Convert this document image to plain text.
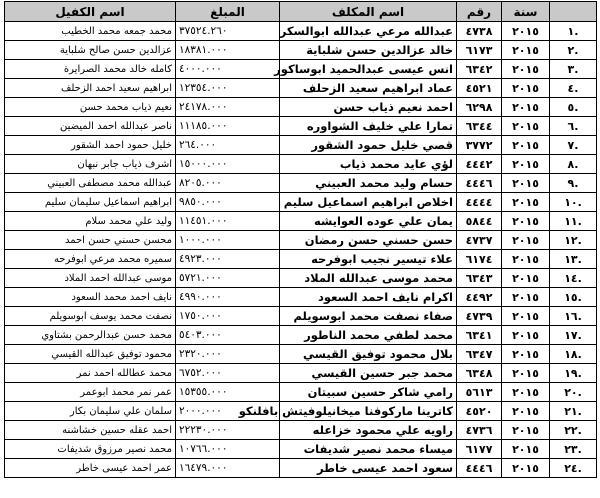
	سنة	رقم	اسم المكلف	المبلغ	اسم الكفيل
.١	٢٠١٥	٤٧٣٨	عبدالله مرعي عبدالله ابوالسكر	٣٧٥٢٤.٢٦٠	محمد جمعه محمد الخطيب
.٢	٢٠١٥	٦١٧٣	خالد عزالدين حسن شلباية	١٨٣٨١.٠٠٠	عزالدين حسن صالح شلباية
.٣	٢٠١٥	٦٣٤٢	انس عيسى عبدالحميد ابوساكور	٤٠٠٠.٠٠٠	كامله خالد محمد الصرايرة
.٤	٢٠١٥	٤٥٢١	عماد ابراهيم سعيد الزحلف	١٢٣٥٤.٠٠٠	ابراهيم سعيد احمد الزحلف
.٥	٢٠١٥	٦٢٩٨	احمد نعيم ذياب حسن	٢٤١٧٨.٠٠٠	نعيم ذياب محمد حسن
.٦	٢٠١٥	٦٣٤٤	تمارا علي خليف الشواوره	١١١٨٥.٠٠٠	ناصر عبدالله احمد الميضين
.٧	٢٠١٥	٣٧٧٢	قصي خليل حمود الشقور	٢٦٤.٠٠٠	خليل حمود احمد الشقور
.٨	٢٠١٥	٤٤٤٢	لؤي عايد محمد ذياب	١٥٠٠٠.٠٠٠	اشرف ذياب جابر نبهان
.٩	٢٠١٥	٤٤٤٦	حسام وليد محمد العبيني	٨٢٠٥.٠٠٠	عبدالله محمد مصطفى العبيني
.١٠	٢٠١٥	٤٤٤٤	اخلاص ابراهيم اسماعيل سليم	٩٨٥٠.٠٠٠	ابراهيم اسماعيل سليمان سليم
.١١	٢٠١٥	٥٨٤٤	يمان علي عوده العوايشه	١١٤٥١.٠٠٠	وليد علي محمد سلام
.١٢	٢٠١٥	٤٧٣٧	حسن حسني حسن رمضان	١٠٠٠.٠٠٠	محسن حسني حسن احمد
.١٣	٢٠١٥	٦١٧٤	علاء تيسير نجيب ابوفرحه	٤٩٢٣.٠٠٠	سميره محمد مرعي ابوفرحه
.١٤	٢٠١٥	٦٣٤٣	محمد موسى عبدالله الملاد	٥٧٢١.٠٠٠	موسى عبدالله احمد الملاد
.١٥	٢٠١٥	٤٤٩٢	اكرام نايف احمد السعود	٤٩٩٠.٠٠٠	نايف احمد محمد السعود
.١٦	٢٠١٥	٤٧٣٩	صفاء نصفت محمد ابوسويلم	١٧٥٠.٠٠٠	نصفت محمد يوسف ابوسويلم
.١٧	٢٠١٥	٦٣٤١	محمد لطفي محمد الناطور	٥٤٠٣.٠٠٠	محمد حسن عبدالرحمن بشتاوي
.١٨	٢٠١٥	٦٣٤٧	بلال محمود توفيق القيسي	٢٣٢٠.٠٠٠	محمود توفيق عبدالله القيسي
.١٩	٢٠١٥	٦٣٤٨	محمد جبر حسين القيسي	٦٧٥٢.٠٠٠	محمد عطالله احمد نمر
.٢٠	٢٠١٥	٥٦١٣	رامي شاكر حسين سبيتان	١٥٣٥٥.٠٠٠	عمر نمر محمد ابوعمر
.٢١	٢٠١٥	٤٥٢٠	كاترينا ماركوفنا ميخانيلوفيتش بافلنكو	٢٠٠٠.٠٠٠	سلمان علي سليمان بكار
.٢٢	٢٠١٥	٤٧٣٦	راويه علي محمود خزاعله	٢٢٢٣٠.٠٠٠	احمد عقله حسين خشاشنه
.٢٣	٢٠١٥	٦١٧٧	ميساء محمد نصير شديفات	١٠٧٦٦.٠٠٠	محمد نصير مرزوق شديفات
.٢٤	٢٠١٥	٤٤٤٦	سعود احمد عيسى خاطر	١٦٤٧٩.٠٠٠	عمر احمد عيسى خاطر
